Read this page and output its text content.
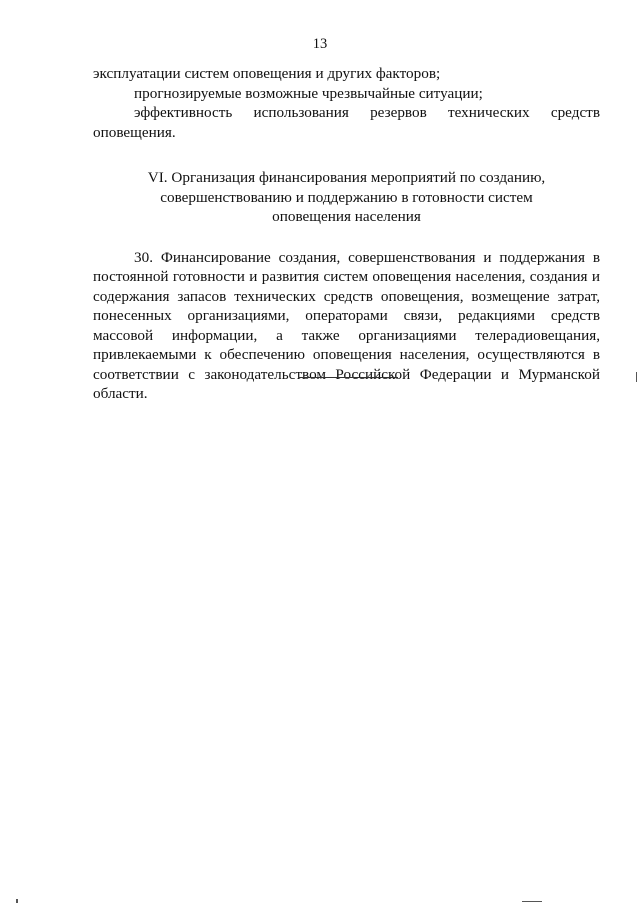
13

эксплуатации систем оповещения и других факторов;

прогнозируемые возможные чрезвычайные ситуации;

эффективность использования резервов технических средств оповещения.

VI. Организация финансирования мероприятий по созданию,
совершенствованию и поддержанию в готовности систем
оповещения населения

30. Финансирование создания, совершенствования и поддержания в постоянной готовности и развития систем оповещения населения, создания и содержания запасов технических средств оповещения, возмещение затрат, понесенных организациями, операторами связи, редакциями средств массовой информации, а также организациями телерадиовещания, привлекаемыми к обеспечению оповещения населения, осуществляются в соответствии с законодательством Российской Федерации и Мурманской области.
